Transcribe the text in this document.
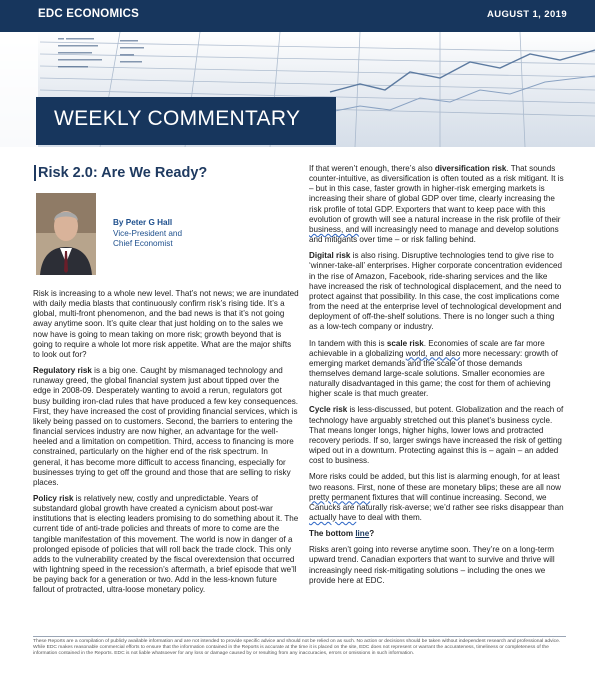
EDC ECONOMICS	AUGUST 1, 2019
WEEKLY COMMENTARY
Risk 2.0: Are We Ready?
By Peter G Hall
Vice-President and
Chief Economist

Risk is increasing to a whole new level. That’s not news; we are inundated with daily media blasts that continuously confirm risk’s rising tide. It’s a global, multi-front phenomenon, and the bad news is that it’s not going away anytime soon. It’s quite clear that just holding on to the sales we now have is going to mean taking on more risk; growth beyond that is going to require a whole lot more risk appetite. What are the major shifts to look out for?

Regulatory risk is a big one. Caught by mismanaged technology and runaway greed, the global financial system just about tipped over the edge in 2008-09. Desperately wanting to avoid a rerun, regulators got busy building iron-clad rules that have produced a few key consequences. First, they have increased the cost of providing financial services, which is likely being passed on to customers. Second, the barriers to entering the financial services industry are now higher, an advantage for the well-heeled and a limitation on competition. Third, access to financing is more constrained, particularly on the higher end of the risk spectrum. In general, it has become more difficult to access financing, especially for businesses trying to get off the ground and those that are selling to risky places.

Policy risk is relatively new, costly and unpredictable. Years of substandard global growth have created a cynicism about post-war institutions that is electing leaders promising to do something about it. The current tide of anti-trade policies and threats of more to come are the tangible manifestation of this movement. The world is now in danger of a prolonged episode of policies that will roll back the trade clock. This only adds to the vulnerability created by the fiscal overextension that occurred with lightning speed in the recession’s aftermath, a brief episode that we’ll be paying back for a generation or two. Add in the less-known future fallout of protracted, ultra-loose monetary policy.

If that weren’t enough, there’s also diversification risk. That sounds counter-intuitive, as diversification is often touted as a risk mitigant. It is – but in this case, faster growth in higher-risk emerging markets is increasing their share of global GDP over time, clearly increasing the risk profile of total GDP. Exporters that want to keep pace with this evolution of growth will see a natural increase in the risk profile of their business, and will increasingly need to manage and develop solutions and mitigants over time – or risk falling behind.

Digital risk is also rising. Disruptive technologies tend to give rise to ‘winner-take-all’ enterprises. Higher corporate concentration evidenced in the rise of Amazon, Facebook, ride-sharing services and the like have increased the risk of technological displacement, and the need to protect against that possibility. In this case, the cost implications come from the need at the enterprise level of technological development and deployment of off-the-shelf solutions. There is no longer such a thing as a low-tech company or industry.

In tandem with this is scale risk. Economies of scale are far more achievable in a globalizing world, and also more necessary: growth of emerging market demands and the scale of those demands themselves demand large-scale solutions. Smaller economies are naturally disadvantaged in this game; the cost for them of achieving higher scale is that much greater.

Cycle risk is less-discussed, but potent. Globalization and the reach of technology have arguably stretched out this planet’s business cycle. That means longer longs, higher highs, lower lows and protracted recovery periods. If so, larger swings have increased the risk of getting wiped out in a downturn. Protecting against this is – again – an added cost to business.

More risks could be added, but this list is alarming enough, for at least two reasons. First, none of these are monetary blips; these are all now pretty permanent fixtures that will continue increasing. Second, we Canucks are naturally risk-averse; we’d rather see risks disappear than actually have to deal with them.

The bottom line?

Risks aren’t going into reverse anytime soon. They’re on a long-term upward trend. Canadian exporters that want to survive and thrive will increasingly need risk-mitigating solutions – including the ones we provide here at EDC.

These Reports are a compilation of publicly available information and are not intended to provide specific advice and should not be relied on as such. No action or decisions should be taken without independent research and professional advice. While EDC makes reasonable commercial efforts to ensure that the information contained in the Reports is accurate at the time it is placed on the site, EDC does not represent or warrant the accurateness, timeliness or completeness of the information contained in the Reports. EDC is not liable whatsoever for any loss or damage caused by or resulting from any inaccuracies, errors or omissions in such information.
